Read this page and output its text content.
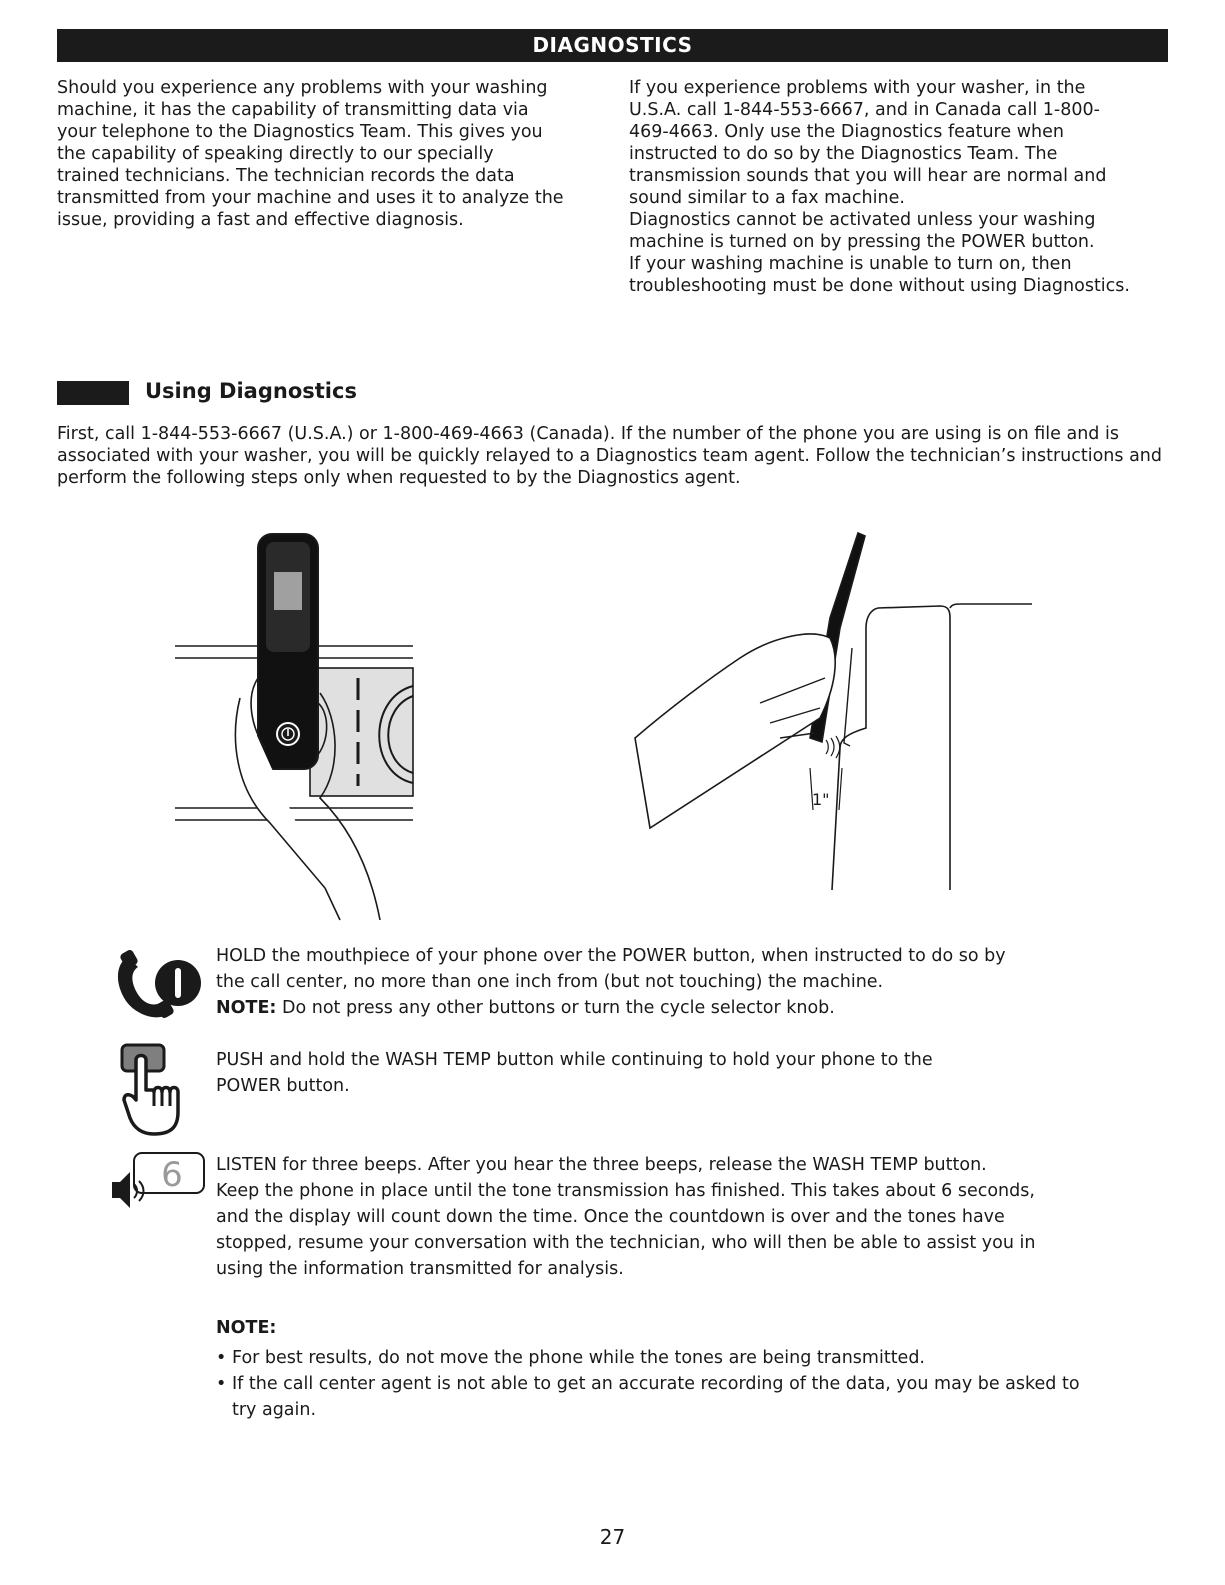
DIAGNOSTICS

Should you experience any problems with your washing
machine, it has the capability of transmitting data via
your telephone to the Diagnostics Team. This gives you
the capability of speaking directly to our specially
trained technicians. The technician records the data
transmitted from your machine and uses it to analyze the
issue, providing a fast and effective diagnosis.

If you experience problems with your washer, in the
U.S.A. call 1-844-553-6667, and in Canada call 1-800-
469-4663. Only use the Diagnostics feature when
instructed to do so by the Diagnostics Team. The
transmission sounds that you will hear are normal and
sound similar to a fax machine.
Diagnostics cannot be activated unless your washing
machine is turned on by pressing the POWER button.
If your washing machine is unable to turn on, then
troubleshooting must be done without using Diagnostics.

Using Diagnostics

First, call 1-844-553-6667 (U.S.A.) or 1-800-469-4663 (Canada). If the number of the phone you are using is on file and is associated with your washer, you will be quickly relayed to a Diagnostics team agent. Follow the technician’s instructions and perform the following steps only when requested to by the Diagnostics agent.

1"

HOLD the mouthpiece of your phone over the POWER button, when instructed to do so by
the call center, no more than one inch from (but not touching) the machine.
NOTE: Do not press any other buttons or turn the cycle selector knob.

PUSH and hold the WASH TEMP button while continuing to hold your phone to the
POWER button.

6 LISTEN for three beeps. After you hear the three beeps, release the WASH TEMP button.
Keep the phone in place until the tone transmission has finished. This takes about 6 seconds,
and the display will count down the time. Once the countdown is over and the tones have
stopped, resume your conversation with the technician, who will then be able to assist you in
using the information transmitted for analysis.

NOTE:

• For best results, do not move the phone while the tones are being transmitted.
• If the call center agent is not able to get an accurate recording of the data, you may be asked to try again.
27
